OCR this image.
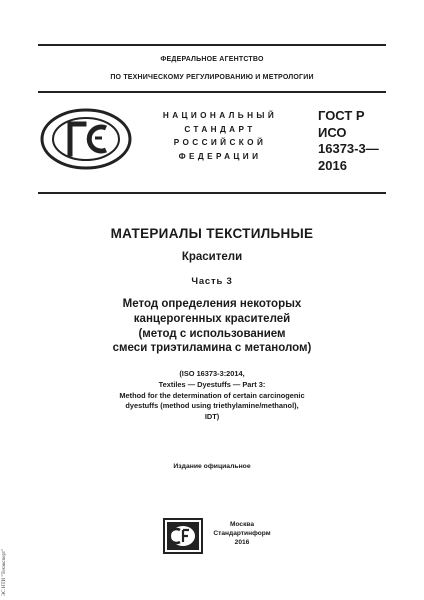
ФЕДЕРАЛЬНОЕ АГЕНТСТВО
ПО ТЕХНИЧЕСКОМУ РЕГУЛИРОВАНИЮ И МЕТРОЛОГИИ
НАЦИОНАЛЬНЫЙ
СТАНДАРТ
РОССИЙСКОЙ
ФЕДЕРАЦИИ
ГОСТ Р
ИСО
16373-3—
2016
МАТЕРИАЛЫ ТЕКСТИЛЬНЫЕ
Красители
Часть 3
Метод определения некоторых
канцерогенных красителей
(метод с использованием
смеси триэтиламина с метанолом)
(ISO 16373-3:2014,
Textiles — Dyestuffs — Part 3:
Method for the determination of certain carcinogenic
dyestuffs (method using triethylamine/methanol),
IDT)
Издание официальное
Москва
Стандартинформ
2016
ЭС НТИ "Техэксперт"
